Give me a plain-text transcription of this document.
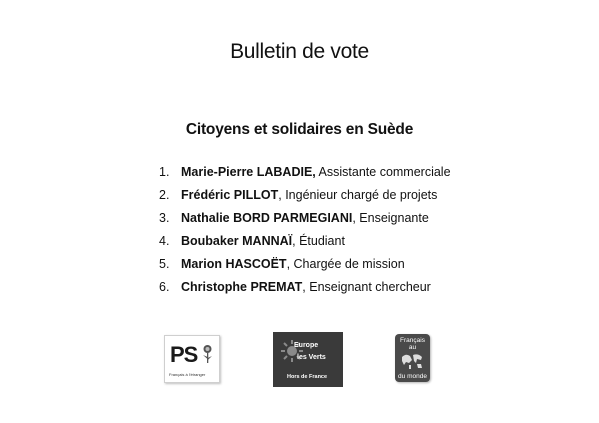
Bulletin de vote
Citoyens et solidaires en Suède
1. Marie-Pierre LABADIE, Assistante commerciale
2. Frédéric PILLOT, Ingénieur chargé de projets
3. Nathalie BORD PARMEGIANI, Enseignante
4. Boubaker MANNAÏ, Étudiant
5. Marion HASCOËT, Chargée de mission
6. Christophe PREMAT, Enseignant chercheur
PS
Français à l'étranger
Europe
les Verts
Hors de France
Français
au
du monde
